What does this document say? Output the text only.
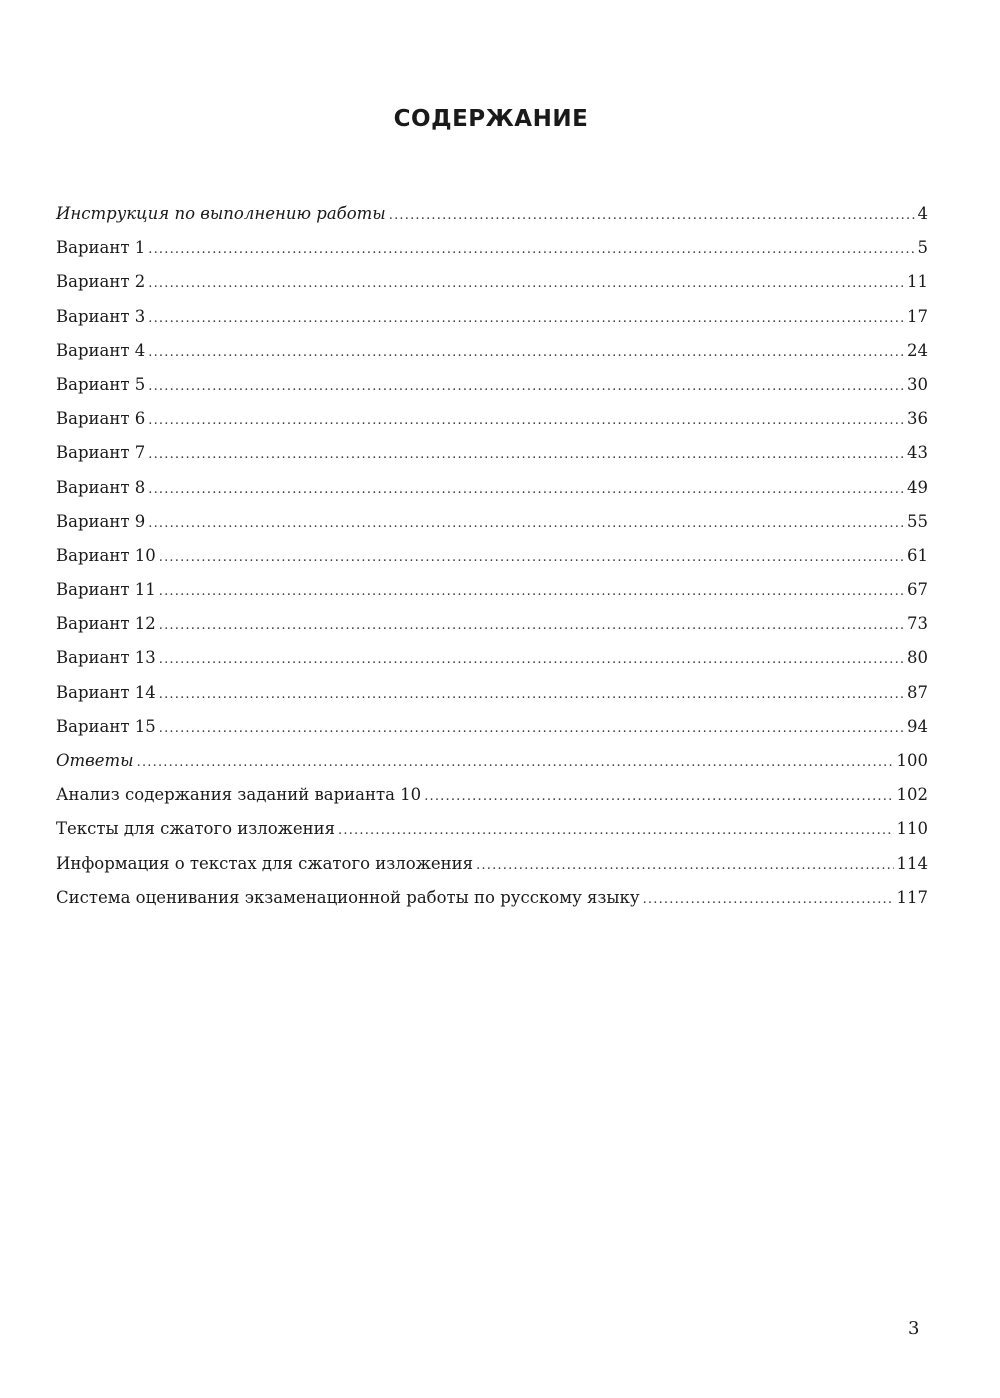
СОДЕРЖАНИЕ
Инструкция по выполнению работы .....	4
Вариант 1 .....	5
Вариант 2 .....	11
Вариант 3 .....	17
Вариант 4 .....	24
Вариант 5 .....	30
Вариант 6 .....	36
Вариант 7 .....	43
Вариант 8 .....	49
Вариант 9 .....	55
Вариант 10 .....	61
Вариант 11 .....	67
Вариант 12 .....	73
Вариант 13 .....	80
Вариант 14 .....	87
Вариант 15 .....	94
Ответы .....	100
Анализ содержания заданий варианта 10 .....	102
Тексты для сжатого изложения .....	110
Информация о текстах для сжатого изложения .....	114
Система оценивания экзаменационной работы по русскому языку .....	117
3
